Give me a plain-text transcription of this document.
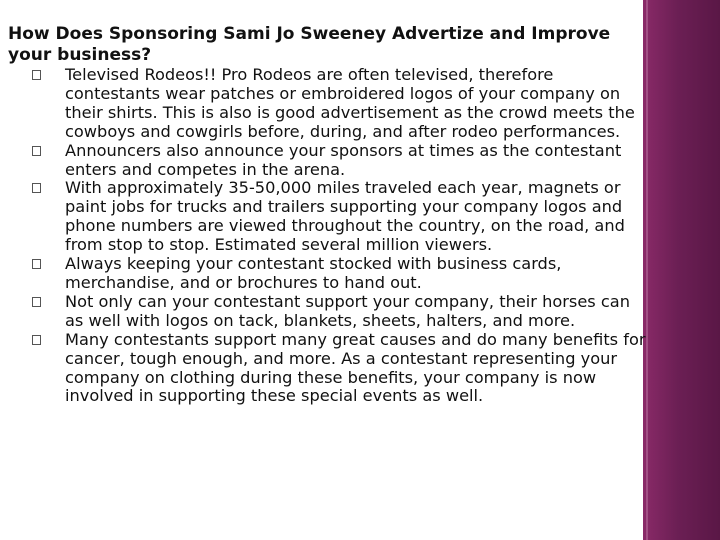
How Does Sponsoring Sami Jo Sweeney Advertize and Improve your business?
Televised Rodeos!! Pro Rodeos are often televised, therefore contestants wear patches or embroidered logos of your company on their shirts. This is also is good advertisement as the crowd meets the cowboys and cowgirls before, during, and after rodeo performances.
Announcers also announce your sponsors at times as the contestant enters and competes in the arena.
With approximately 35-50,000 miles traveled each year, magnets or paint jobs for trucks and trailers supporting your company logos and phone numbers are viewed throughout the country, on the road, and from stop to stop. Estimated several million viewers.
Always keeping your contestant stocked with business cards, merchandise, and or brochures to hand out.
Not only can your contestant support your company, their horses can as well with logos on tack, blankets, sheets, halters, and more.
Many contestants support many great causes and do many benefits for cancer, tough enough, and more. As a contestant representing your company on clothing during these benefits, your company is now involved in supporting these special events as well.
